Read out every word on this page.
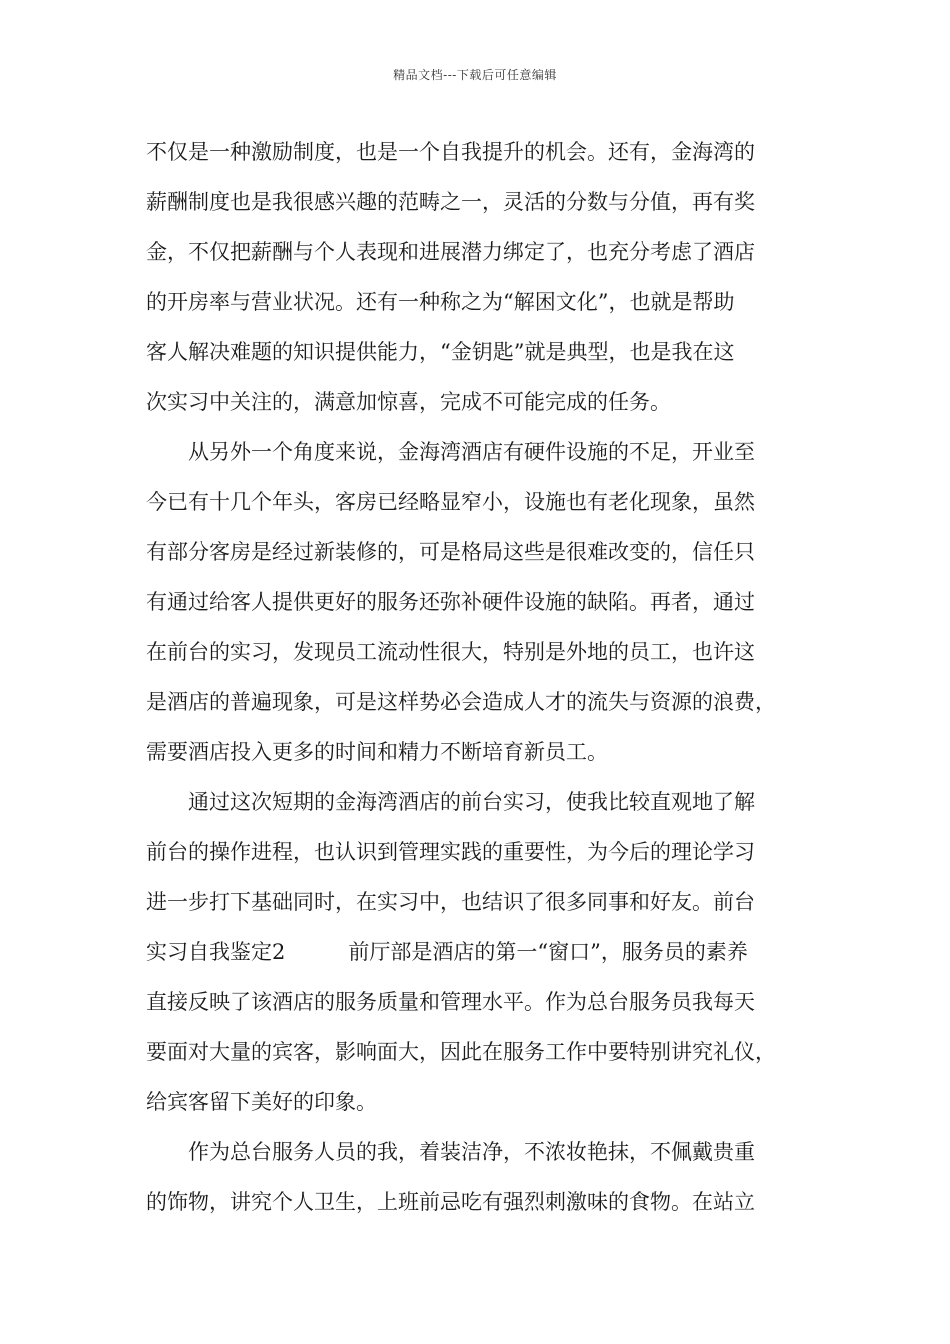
精品文档---下载后可任意编辑
不仅是一种激励制度，也是一个自我提升的机会。还有，金海湾的
薪酬制度也是我很感兴趣的范畴之一，灵活的分数与分值，再有奖
金，不仅把薪酬与个人表现和进展潜力绑定了，也充分考虑了酒店
的开房率与营业状况。还有一种称之为“解困文化”，也就是帮助
客人解决难题的知识提供能力，“金钥匙”就是典型，也是我在这
次实习中关注的，满意加惊喜，完成不可能完成的任务。
　　从另外一个角度来说，金海湾酒店有硬件设施的不足，开业至
今已有十几个年头，客房已经略显窄小，设施也有老化现象，虽然
有部分客房是经过新装修的，可是格局这些是很难改变的，信任只
有通过给客人提供更好的服务还弥补硬件设施的缺陷。再者，通过
在前台的实习，发现员工流动性很大，特别是外地的员工，也许这
是酒店的普遍现象，可是这样势必会造成人才的流失与资源的浪费，
需要酒店投入更多的时间和精力不断培育新员工。
　　通过这次短期的金海湾酒店的前台实习，使我比较直观地了解
前台的操作进程，也认识到管理实践的重要性，为今后的理论学习
进一步打下基础同时，在实习中，也结识了很多同事和好友。前台
实习自我鉴定2　　　前厅部是酒店的第一“窗口”，服务员的素养
直接反映了该酒店的服务质量和管理水平。作为总台服务员我每天
要面对大量的宾客，影响面大，因此在服务工作中要特别讲究礼仪，
给宾客留下美好的印象。
　　作为总台服务人员的我，着装洁净，不浓妆艳抹，不佩戴贵重
的饰物，讲究个人卫生，上班前忌吃有强烈刺激味的食物。在站立
